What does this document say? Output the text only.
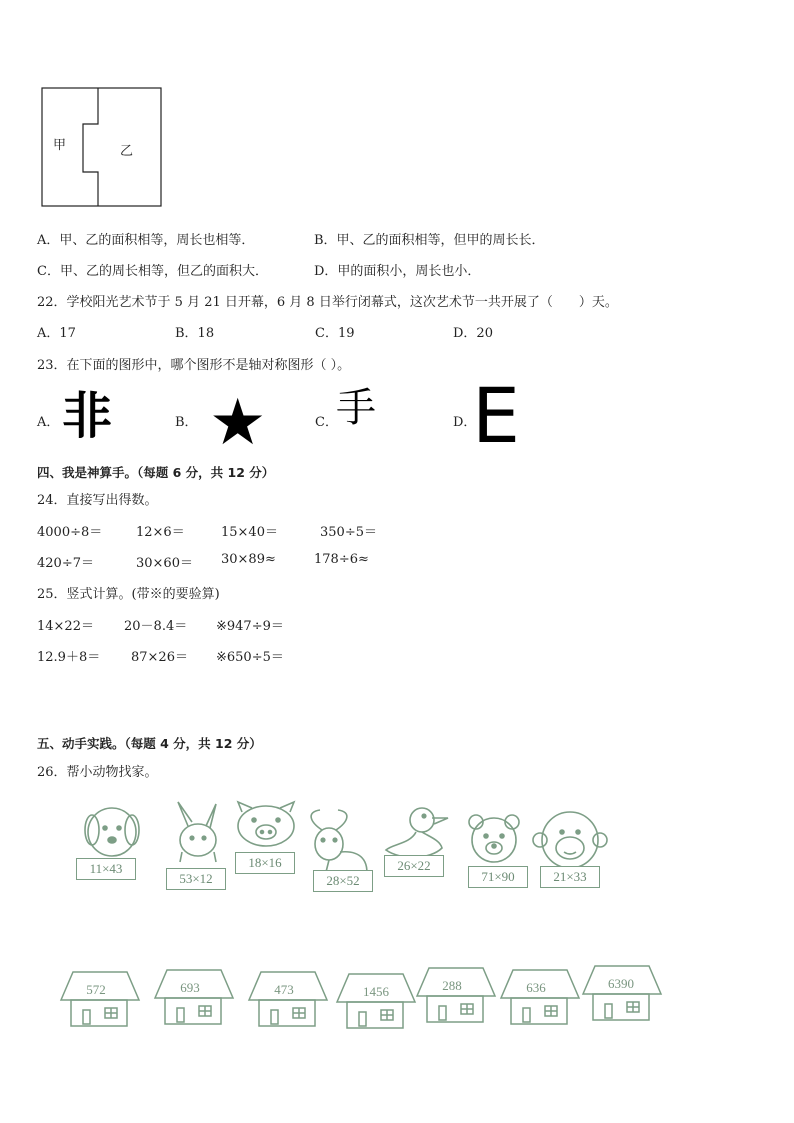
甲	乙
A．甲、乙的面积相等，周长也相等．	B．甲、乙的面积相等，但甲的周长长．
C．甲、乙的周长相等，但乙的面积大．	D．甲的面积小，周长也小．
22．学校阳光艺术节于 5 月 21 日开幕，6 月 8 日举行闭幕式，这次艺术节一共开展了（　　）天。
A．17	B．18	C．19	D．20
23．在下面的图形中，哪个图形不是轴对称图形（ ）。
A． 非	B． ★	C．
手	D．
E
四、我是神算手。（每题 6 分，共 12 分）
24．直接写出得数。
4000÷8＝	12×6＝	15×40＝	350÷5＝
420÷7＝	30×60＝ 30×89≈	178÷6≈
25．竖式计算。(带※的要验算)
14×22＝ 20－8.4＝ ※947÷9＝
12.9＋8＝ 87×26＝ ※650÷5＝
五、动手实践。（每题 4 分，共 12 分）
26．帮小动物找家。
11×43
53×12
18×16
28×52
26×22
71×90	21×33
572	693	473	1456	288	636	6390
